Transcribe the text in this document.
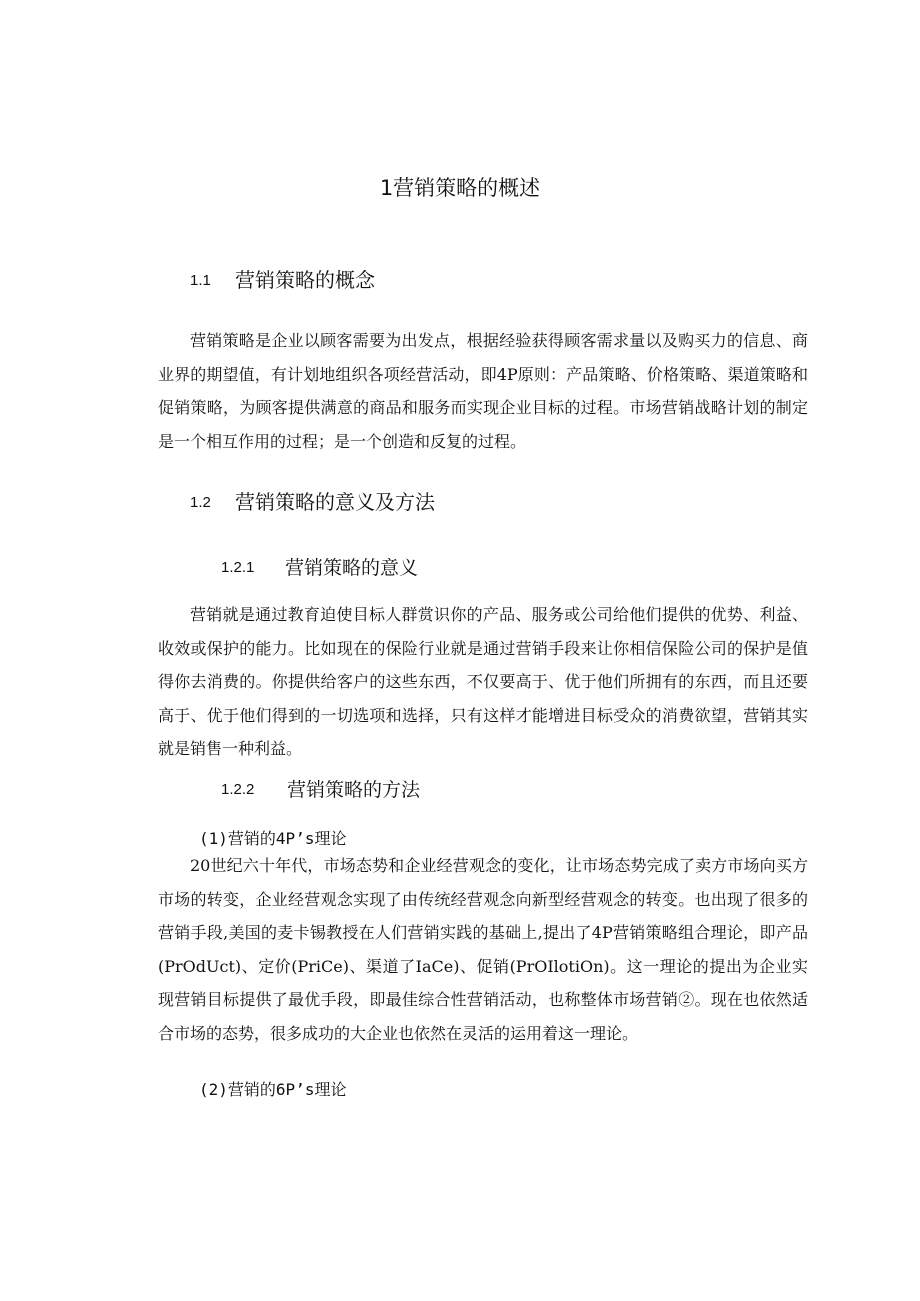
1营销策略的概述
1.1 营销策略的概念
营销策略是企业以顾客需要为出发点，根据经验获得顾客需求量以及购买力的信息、商业界的期望值，有计划地组织各项经营活动，即4P原则：产品策略、价格策略、渠道策略和促销策略，为顾客提供满意的商品和服务而实现企业目标的过程。市场营销战略计划的制定是一个相互作用的过程；是一个创造和反复的过程。
1.2 营销策略的意义及方法
1.2.1 营销策略的意义
营销就是通过教育迫使目标人群赏识你的产品、服务或公司给他们提供的优势、利益、收效或保护的能力。比如现在的保险行业就是通过营销手段来让你相信保险公司的保护是值得你去消费的。你提供给客户的这些东西，不仅要高于、优于他们所拥有的东西，而且还要高于、优于他们得到的一切选项和选择，只有这样才能增进目标受众的消费欲望，营销其实就是销售一种利益。
1.2.2 营销策略的方法
(1)营销的4P’s理论
20世纪六十年代，市场态势和企业经营观念的变化，让市场态势完成了卖方市场向买方市场的转变，企业经营观念实现了由传统经营观念向新型经营观念的转变。也出现了很多的营销手段,美国的麦卡锡教授在人们营销实践的基础上,提出了4P营销策略组合理论，即产品(PrOdUct)、定价(PriCe)、渠道了IaCe)、促销(PrOIlotiOn)。这一理论的提出为企业实现营销目标提供了最优手段，即最佳综合性营销活动，也称整体市场营销②。现在也依然适合市场的态势，很多成功的大企业也依然在灵活的运用着这一理论。
(2)营销的6P’s理论
